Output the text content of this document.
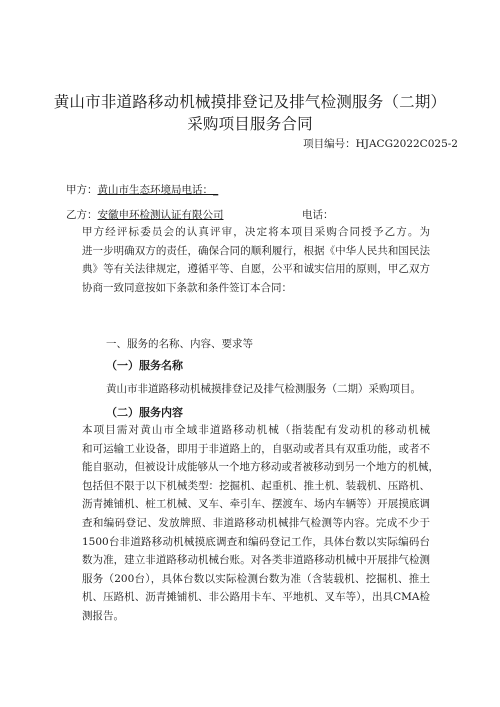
黄山市非道路移动机械摸排登记及排气检测服务（二期）
采购项目服务合同
项目编号：HJACG2022C025-2
甲方：黄山市生态环境局电话：_
乙方：安徽申环检测认证有限公司	电话：
甲方经评标委员会的认真评审，决定将本项目采购合同授予乙方。为
进一步明确双方的责任，确保合同的顺利履行，根据《中华人民共和国民法
典》等有关法律规定，遵循平等、自愿，公平和诚实信用的原则，甲乙双方
协商一致同意按如下条款和条件签订本合同：
一、服务的名称、内容、要求等
（一）服务名称
黄山市非道路移动机械摸排登记及排气检测服务（二期）采购项目。
（二）服务内容
本项目需对黄山市全域非道路移动机械（指装配有发动机的移动机械
和可运输工业设备，即用于非道路上的，自驱动或者具有双重功能，或者不
能自驱动，但被设计成能够从一个地方移动或者被移动到另一个地方的机械，
包括但不限于以下机械类型：挖掘机、起重机、推土机、装载机、压路机、
沥青摊铺机、桩工机械、叉车、牵引车、摆渡车、场内车辆等）开展摸底调
查和编码登记、发放牌照、非道路移动机械排气检测等内容。完成不少于
1500台非道路移动机械摸底调查和编码登记工作，具体台数以实际编码台
数为准，建立非道路移动机械台账。对各类非道路移动机械中开展排气检测
服务（200台），具体台数以实际检测台数为准（含装载机、挖掘机、推土
机、压路机、沥青摊铺机、非公路用卡车、平地机、叉车等），出具CMA检
测报告。
